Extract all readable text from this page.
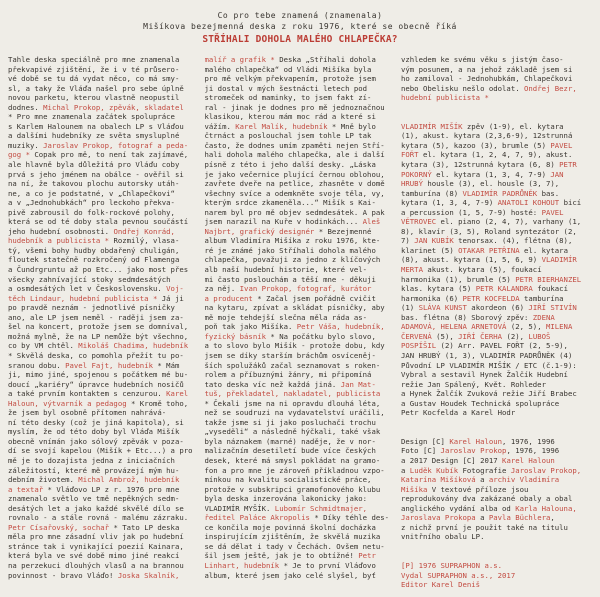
Co pro tebe znamená (znamenala)
Mišíkova bezejmenná deska z roku 1976, které se obecně říká
STŘÍHALI DOHOLA MALÉHO CHLAPEČKA?
Tahle deska speciálně pro mne znamenala
překvapivé zjištění, že i v té průsero-
vé době se tu dá vydat něco, co má smy-
sl, a taky že Vláďa našel pro sebe úplně
novou parketu, kterou vlastně neopustil
dodnes. Michal Prokop, zpěvák, skladatel
* Pro mne znamenala začátek spolupráce
s Karlem Halounem na obalech LP s Vláďou
a dalšími hudebníky ze světa smysluplné
muziky. Jaroslav Prokop, fotograf a peda-
gog * Copak pro mě, to není tak zajímavé,
ale hlavně byla důležitá pro Vláďu coby
prvá s jeho jménem na obálce - ověřil si
na ní, že takovou plochu autorsky utáh-
ne, a co je podstatné, v „Chlapečkovi“
a v „Jednohubkách“ pro leckoho překva-
pivě zabrousil do folk-rockové polohy,
která se od té doby stala pevnou součástí
jeho hudební osobnosti. Ondřej Konrád,
hudebník a publicista * Rozmilý, vlasa-
tý, všemi bohy hudby obdařený chuligán,
floutek statečně rozkročený od Flamenga
a Čundrgruntu až po Etc... jako most přes
všecky zahnívající stoky sedmdesátých
a osmdesátých let v Československu. Voj-
těch Lindaur, hudební publicista * Já ji
po pravdě neznám - jednotlivé písničky
ano, ale LP jsem neměl - raději jsem za-
šel na koncert, protože jsem se domníval,
možná mylně, že na LP nemůže být všechno,
co by VM chtěl. Mikoláš Chadima, hudebník
* Skvělá deska, co pomohla přežít tu po-
sranou dobu. Pavel Fajt, hudebník * Mám
ji, mimo jiné, spojenou s počátkem mé bu-
doucí „kariéry“ úpravce hudebních nosičů
a také prvním kontaktem s cenzurou. Karel
Haloun, výtvarník a pedagog * Kromě toho,
že jsem byl osobně přítomen nahrává-
ní této desky (což je jiná kapitola), si
myslím, že od této doby byl Vláďa Mišík
obecně vnímán jako sólový zpěvák v poza-
dí se svojí kapelou (Mišík + Etc...) a pro
mě je to dozajista jedna z iniciačních
záležitostí, které mě provázejí mým hu-
debním životem. Michal Ambrož, hudebník
a textař * Vláďovo LP z r. 1976 pro mne
znamenalo světlo ve tmě nepěkných sedm-
desátých let a jako každé skvělé dílo se
rovnalo - a stále rovná - malému zázraku.
Petr Císařovský, sochař * Tato LP deska
měla pro mne zásadní vliv jak po hudební
stránce tak i vynikající poezií Kainara,
která byla ve své době mimo jiné reakcí
na perzekuci dlouhých vlasů a na brannou
povinnost - bravo Vláďo! Joska Skalník,
malíř a grafik * Deska „Stříhali dohola
malého chlapečka“ od Vládi Mišíka byla
pro mě velkým překvapením, protože jsem
ji dostal v mých šestnácti letech pod
stromeček od maminky, to jsem fakt zí-
ral - jinak je dodnes pro mě jednoznačnou
klasikou, kterou mám moc rád a které si
vážím. Karel Malík, hudebník * Mně bylo
čtrnáct a poslouchal jsem tohle LP tak
často, že dodnes umím zpaměti nejen Stří-
hali dohola malého chlapečka, ale i další
písně z této i jeho další desky. „Láska
je jako večernice plující černou oblohou,
zavřete dveře na petlice, zhasněte v domě
všechny svíce a odemkněte svoje těla, vy,
kterým srdce zkameněla...“ Mišík s Kai-
narem byl pro mě objev sedmdesátek. A pak
jsem narazil na Kuře v hodinkách... Aleš
Najbrt, grafický designér * Bezejmenné
album Vladimíra Mišíka z roku 1976, kte-
ré je známé jako Stříhali dohola malého
chlapečka, považuji za jedno z klíčových
alb naší hudební historie, které vel-
mi často poslouchám a těší mne - děkuji
za něj. Ivan Prokop, fotograf, kurátor
a producent * Začal jsem pořádně cvičit
na kytaru, zpívat a skládat písničky, aby
mě moje tehdejší slečna měla ráda as-
poň tak jako Mišíka. Petr Váša, hudebník,
fyzický básník * Na počátku bylo slovo,
a to slovo bylo Mišík - protože dobu, kdy
jsem se díky starším bráchům osvíceněj-
ších spolužáků začal seznamovat s roken-
rolem a příbuznými žánry, mi připomíná
tato deska víc než každá jiná. Jan Mat-
tuš, překladatel, nakladatel, publicista
* Čekali jsme na ni opravdu dlouhá léta,
než se soudruzi na vydavatelství uráčili,
takže jsme si ji jako posluchači trochu
„vyseděli“ a následně hýčkali, také však
byla náznakem (marné) naděje, že v nor-
malizačním desetiletí bude více českých
desek, které má smysl pokládat na gramo-
fon a pro mne je zároveň příkladnou vzpo-
mínkou na kvalitu socialistické práce,
protože v subskripci gramofonového klubu
byla deska inzerována lakonicky jako:
VLADIMÍR MYŠÍK. Lubomír Schmidtmajer,
ředitel Paláce Akropolis * Díky téhle des-
ce končila moje povinná školní docházka
inspirujícím zjištěním, že skvělá muzika
se dá dělat i tady v Čechách. Ovšem netu-
šil jsem ještě, jak je to obtížné! Petr
Linhart, hudebník * Je to první Vláďovo
album, které jsem jako celé slyšel, byť
vzhledem ke svému věku s jistým časo-
vým posunem, a na jehož základě jsem si
ho zamiloval - Jednohubkám, Chlapečkovi
nebo Obelisku nešlo odolat. Ondřej Bezr,
hudební publicista *

VLADIMÍR MIŠÍK zpěv (1-9), el. kytara
(1), akust. kytara (2,3,6-9), 12strunná
kytara (5), kazoo (3), brumle (5) PAVEL
FOŘT el. kytara (1, 2, 4, 7, 9), akust.
kytara (3), 12strunná kytara (6, 8) PETR
POKORNÝ el. kytara (1, 3, 4, 7-9) JAN
HRUBÝ housle (3), el. housle (3, 7),
tamburína (8) VLADIMÍR PADRŮNĚK bas.
kytara (1, 3, 4, 7-9) ANATOLI KOHOUT bicí
a percussion (1, 5, 7-9) hosté: PAVEL
VĚTROVEC el. piano (2, 4, 7), varhany (1,
8), klavír (3, 5), Roland syntezátor (2,
7) JAN KUBÍK tenorsax. (4), flétna (8),
klarinet (5) OTAKAR PETŘINA el. kytara
(8), akust. kytara (1, 5, 6, 9) VLADIMÍR
MERTA akust. kytara (5), foukací
harmonika (1), brumle (5) PETR BIERHANZEL
klas. kytara (5) PETR KALANDRA foukací
harmonika (6) PETR KOCFELDA tamburína
(1) SLÁVA KUNST akordeon (6) JIŘÍ STIVÍN
bas. flétna (8) Sborový zpěv: ZDENA
ADAMOVÁ, HELENA ARNETOVÁ (2, 5), MILENA
ČERVENÁ (5), JIŘÍ ČERHA (2), LUBOŠ
POSPÍŠIL (2) Arr. PAVEL FOŘT (2, 5-9),
JAN HRUBÝ (1, 3), VLADIMÍR PADRŮNĚK (4)
Původní LP VLADIMÍR MIŠÍK / ETC (č.1-9):
Vybral a sestavil Hynek Žalčík Hudební
režie Jan Spálený, Květ. Rohleder
a Hynek Žalčík Zvuková režie Jiří Brabec
a Gustav Houdek Technická spolupráce
Petr Kocfelda a Karel Hodr

Design [C] Karel Haloun, 1976, 1996
Foto [C] Jaroslav Prokop, 1976, 1996
a 2017 Design [C] 2017 Karel Haloun
a Luděk Kubík Fotografie Jaroslav Prokop,
Katarína Mišíková a archiv Vladimíra
Mišíka V textové příloze jsou
reprodukovány dva zakázané obaly a obal
anglického vydání alba od Karla Halouna,
Jaroslava Prokopa a Pavla Büchlera,
z nichž první je použit také na titulu
vnitřního obalu LP.

[P] 1976 SUPRAPHON a.s.
Vydal SUPRAPHON a.s., 2017
Editor Karel Deniš
